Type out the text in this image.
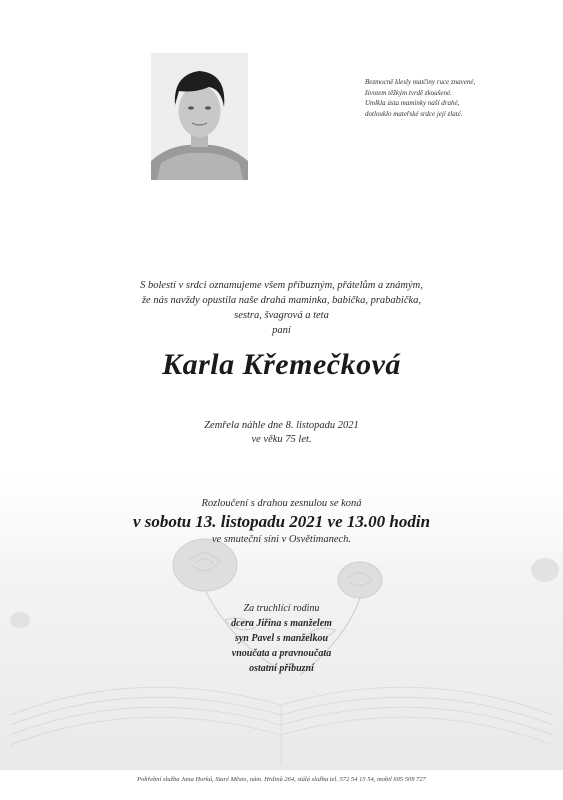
Bezmocně klesly matčiny ruce znavené,
životem těžkým tvrdě zkoušené.
Umlkla ústa maminky naší drahé,
dotlouklo mateřské srdce její zlaté.
S bolestí v srdci oznamujeme všem příbuzným, přátelům a známým,
že nás navždy opustila naše drahá maminka, babička, prababička,
sestra, švagrová a teta
paní
Karla Křemečková
Zemřela náhle dne 8. listopadu 2021
ve věku 75 let.
Rozloučení s drahou zesnulou se koná
v sobotu 13. listopadu 2021 ve 13.00 hodin
ve smuteční síni v Osvětimanech.
Za truchlící rodinu
dcera Jiřina s manželem
syn Pavel s manželkou
vnoučata a pravnoučata
ostatní příbuzní
Pohřební služba Jana Horká, Staré Město, nám. Hrdinů 264, stálá služba tel. 572 54 15 54, mobil 605 509 727
